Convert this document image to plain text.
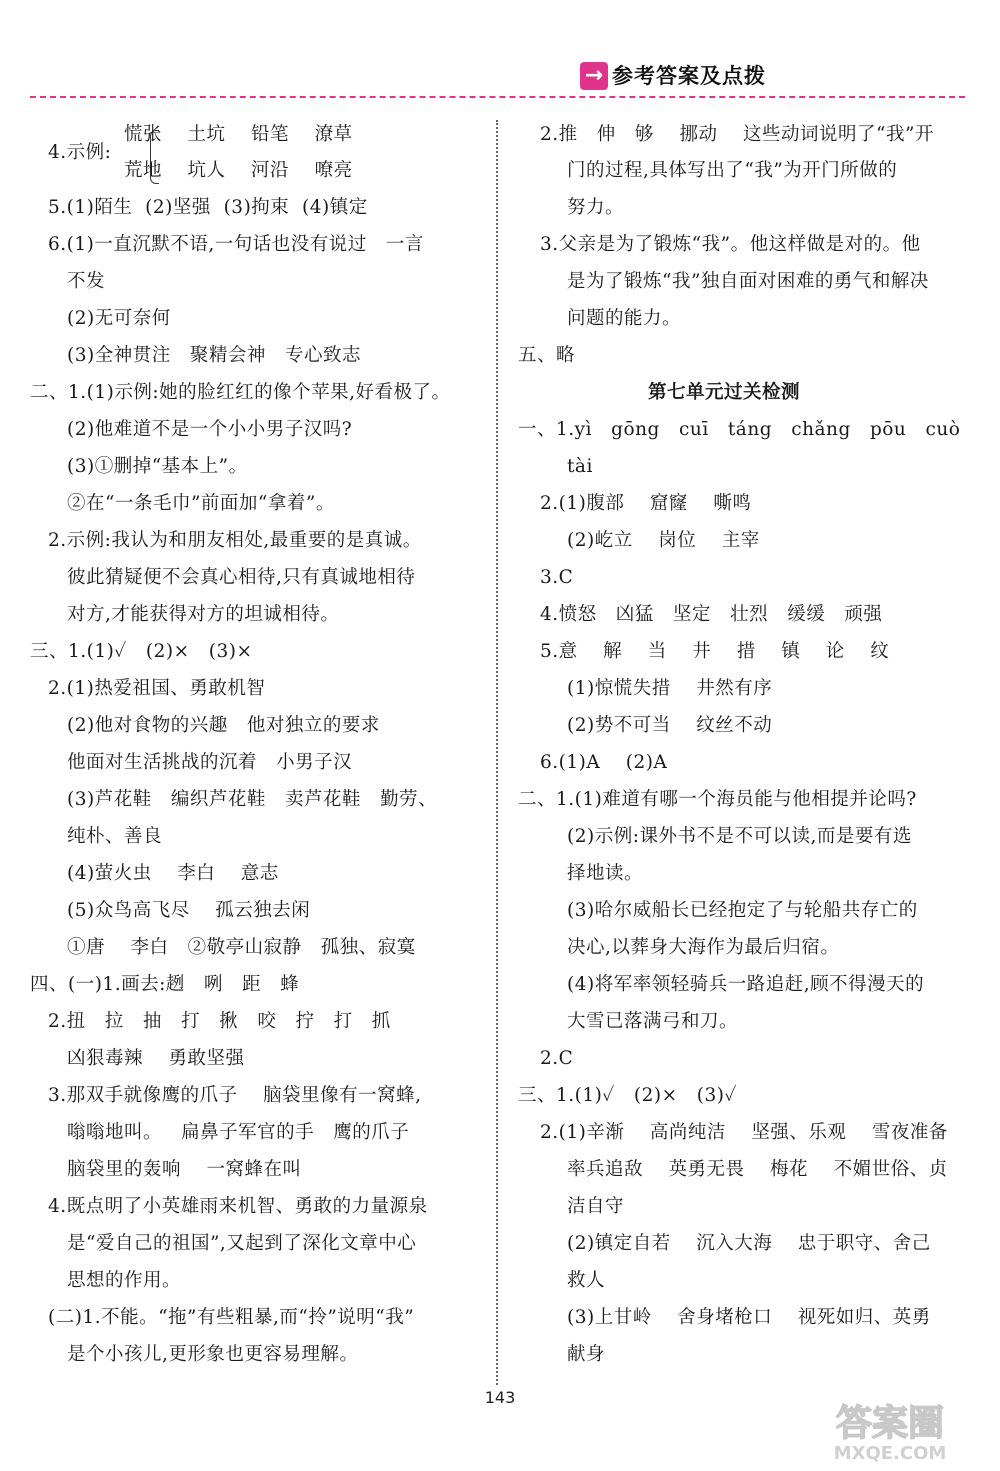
→ 参考答案及点拨
慌张    土坑    铅笔    潦草
4.示例:
荒地    坑人    河沿    嘹亮
5.(1)陌生  (2)坚强  (3)拘束  (4)镇定
6.(1)一直沉默不语,一句话也没有说过   一言
不发
(2)无可奈何
(3)全神贯注   聚精会神   专心致志
二、1.(1)示例:她的脸红红的像个苹果,好看极了。
(2)他难道不是一个小小男子汉吗?
(3)①删掉“基本上”。
②在“一条毛巾”前面加“拿着”。
2.示例:我认为和朋友相处,最重要的是真诚。
彼此猜疑便不会真心相待,只有真诚地相待
对方,才能获得对方的坦诚相待。
三、1.(1)✓   (2)×   (3)×
2.(1)热爱祖国、勇敢机智
(2)他对食物的兴趣   他对独立的要求
他面对生活挑战的沉着   小男子汉
(3)芦花鞋   编织芦花鞋   卖芦花鞋   勤劳、
纯朴、善良
(4)萤火虫    李白    意志
(5)众鸟高飞尽    孤云独去闲
①唐    李白   ②敬亭山寂静   孤独、寂寞
四、(一)1.画去:趔   咧   距   蜂
2.扭   拉   抽   打   揪   咬   拧   打   抓
凶狠毒辣    勇敢坚强
3.那双手就像鹰的爪子    脑袋里像有一窝蜂,
嗡嗡地叫。   扁鼻子军官的手   鹰的爪子
脑袋里的轰响    一窝蜂在叫
4.既点明了小英雄雨来机智、勇敢的力量源泉
是“爱自己的祖国”,又起到了深化文章中心
思想的作用。
(二)1.不能。“拖”有些粗暴,而“拎”说明“我”
是个小孩儿,更形象也更容易理解。
2.推   伸   够    挪动    这些动词说明了“我”开
门的过程,具体写出了“我”为开门所做的
努力。
3.父亲是为了锻炼“我”。他这样做是对的。他
是为了锻炼“我”独自面对困难的勇气和解决
问题的能力。
五、略
一、1.yì   gōng   cuī   táng   chǎng   pōu   cuò
tài
2.(1)腹部    窟窿    嘶鸣
(2)屹立    岗位    主宰
3.C
4.愤怒   凶猛   坚定   壮烈   缓缓   顽强
5.意    解    当    井    措    镇    论    纹
(1)惊慌失措    井然有序
(2)势不可当    纹丝不动
6.(1)A    (2)A
二、1.(1)难道有哪一个海员能与他相提并论吗?
(2)示例:课外书不是不可以读,而是要有选
择地读。
(3)哈尔威船长已经抱定了与轮船共存亡的
决心,以葬身大海作为最后归宿。
(4)将军率领轻骑兵一路追赶,顾不得漫天的
大雪已落满弓和刀。
2.C
三、1.(1)✓   (2)×   (3)✓
2.(1)辛渐    高尚纯洁    坚强、乐观    雪夜准备
率兵追敌    英勇无畏    梅花    不媚世俗、贞
洁自守
(2)镇定自若    沉入大海    忠于职守、舍己
救人
(3)上甘岭    舍身堵枪口    视死如归、英勇
献身
第七单元过关检测
143
答案圈
MXQE.COM
